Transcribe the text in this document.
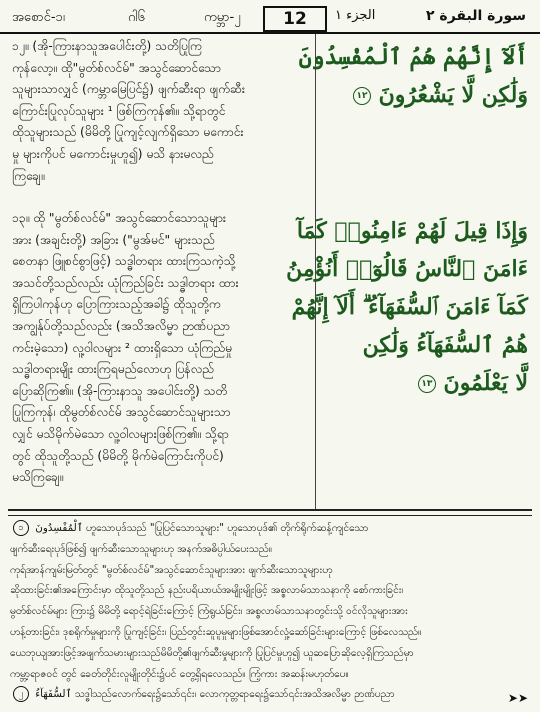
အစောင်-၁၊	ဂါ၆	ကမ္ဘာ-၂	12	الجزء ١	سورة البقرة ٢
၁၂။ (အို-ကြားနာသူအပေါင်းတို့) သတိပြုကြ
ကုန်လော့။ ထို"မွတ်စ်လင်မ်" အသွင်ဆောင်သော
သူများသာလျှင် (ကမ္ဘာမြေပြင်၌) ဖျက်ဆီးရာ ဖျက်ဆီး
ကြောင်းပြုလုပ်သူများ ¹ ဖြစ်ကြကုန်၏။ သို့ရာတွင်
ထိုသူများသည် (မိမိတို့ ပြုကျင့်လျက်ရှိသော မကောင်း
မှု များကိုပင် မကောင်းမှုဟူ၍) မသိ နားမလည်
ကြချေ။
၁၃။ ထို "မွတ်စ်လင်မ်" အသွင်ဆောင်သောသူများ
အား (အချင်းတို့) အခြား ("မွအ်မင်" များသည်
စေတနာ ဖြူစင်စွာဖြင့်) သဒ္ဓါတရား ထားကြသကဲ့သို့
အသင်တို့သည်လည်း ယုံကြည်ခြင်း သဒ္ဓါတရား ထား
ရှိကြပါကုန်ဟု ပြောကြားသည့်အခါ၌ ထိုသူတို့က
အကျွန်ုပ်တို့သည်လည်း (အသိအလိမ္မာ ဉာဏ်ပညာ
ကင်းမဲ့သော) လူ့ဝါလများ ² ထားရှိသော ယုံကြည်မှု
သဒ္ဓါတရားမျိုး ထားကြရမည်လောဟု ပြန်လည်
ပြောဆိုကြ၏။ (အို-ကြားနာသူ အပေါင်းတို့) သတိ
ပြုကြကုန်၊ ထိုမွတ်စ်လင်မ် အသွင်ဆောင်သူများသာ
လျှင် မသိမိုက်မဲသော လူ့ဝါလများဖြစ်ကြ၏။ သို့ရာ
တွင် ထိုသူတို့သည် (မိမိတို့ မိုက်မဲကြောင်းကိုပင်)
မသိကြချေ။
أَلَآ إِنَّهُمْ هُمُ ٱلْمُفْسِدُونَ
وَلَٰكِن لَّا يَشْعُرُونَ ١٢
وَإِذَا قِيلَ لَهُمْ ءَامِنُوا۟ كَمَآ
ءَامَنَ ٱلنَّاسُ قَالُوٓا۟ أَنُؤْمِنُ
كَمَآ ءَامَنَ ٱلسُّفَهَآءُ ۗ أَلَآ إِنَّهُمْ
هُمُ ٱلسُّفَهَآءُ وَلَٰكِن
لَّا يَعْلَمُونَ ١٣
၁ ٱلْمُفْسِدُونَ ဟူသောပုဒ်သည် "ပြုပြင်သောသူများ" ဟူသောပုဒ်၏ တိုက်ရိုက်ဆန့်ကျင်သော
ဖျက်ဆီးရေးပုဒ်ဖြစ်၍ ဖျက်ဆီးသောသူများဟု အနက်အဓိပ္ပါယ်ပေးသည်။
ကုရ်အာန်ကျမ်းမြတ်တွင် "မွတ်စ်လင်မ်"အသွင်ဆောင်သူများအား ဖျက်ဆီးသောသူများဟု
ဆိုထားခြင်း၏အကြောင်းမှာ ထိုသူတို့သည် နည်းပရိယာယ်အမျိုးမျိုးဖြင့် အစ္စလာမ်သာသနာကို စော်ကားခြင်း၊
မွတ်စ်လင်မ်များ ကြား၌ မိမိတို့ ရောင့်ရဲခြင်းကြောင့် ကြံရွယ်ခြင်း၊ အစ္စလာမ်သာသနာတွင်းသို့ ဝင်လိုသူများအား
ဟန့်တားခြင်း၊ ဒုစရိုက်မှုများကို ပြုကျင့်ခြင်း၊ ပြည်တွင်းဆူပူမှုများဖြစ်အောင်လှုံ့ဆော်ခြင်းများကြောင့် ဖြစ်လေသည်။
ယေဘုယျအားဖြင့်အဖျက်သမားများသည်မိမိတို့၏ဖျက်ဆီးမှုများကို ပြုပြင်မှုဟူ၍ ယူဆပြောဆိုလေ့ရှိကြသည်မှာ
ကမ္ဘာ့ရာဇဝင် တွင် ခေတ်တိုင်းလူမျိုးတိုင်း၌ပင် တွေ့ရှိရလေသည်။ ကြံ့ကား အဆန်းမဟုတ်ပေ။
၂ ٱلسُّفَهَآءُ သဒ္ဓါသည်လောက်ရေး၌သော်၎င်း၊ လောကုတ္တရာရေး၌သော်၎င်းအသိအလိမ္မာ ဉာဏ်ပညာ	➤➤
